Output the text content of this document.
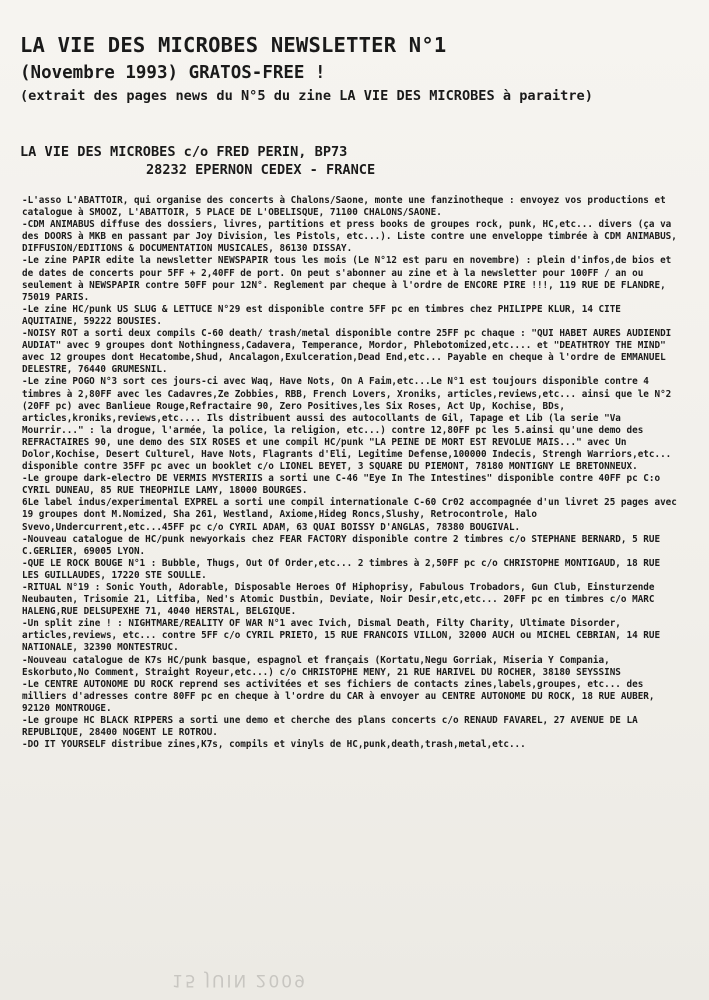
LA VIE DES MICROBES NEWSLETTER N°1
(Novembre 1993) GRATOS-FREE !
(extrait des pages news du N°5 du zine LA VIE DES MICROBES à paraitre)
LA VIE DES MICROBES c/o FRED PERIN, BP73
28232 EPERNON CEDEX - FRANCE

-L'asso L'ABATTOIR, qui organise des concerts à Chalons/Saone, monte une fanzinotheque : envoyez vos productions et catalogue à SMOOZ, L'ABATTOIR, 5 PLACE DE L'OBELISQUE, 71100 CHALONS/SAONE.

-CDM ANIMABUS diffuse des dossiers, livres, partitions et press books de groupes rock, punk, HC,etc... divers (ça va des DOORS à MKB en passant par Joy Division, les Pistols, etc...). Liste contre une enveloppe timbrée à CDM ANIMABUS, DIFFUSION/EDITIONS & DOCUMENTATION MUSICALES, 86130 DISSAY.

-Le zine PAPIR edite la newsletter NEWSPAPIR tous les mois (Le N°12 est paru en novembre) : plein d'infos,de bios et de dates de concerts pour 5FF + 2,40FF de port. On peut s'abonner au zine et à la newsletter pour 100FF / an ou seulement à NEWSPAPIR contre 50FF pour 12N°. Reglement par cheque à l'ordre de ENCORE PIRE !!!, 119 RUE DE FLANDRE, 75019 PARIS.

-Le zine HC/punk US SLUG & LETTUCE N°29 est disponible contre 5FF pc en timbres chez PHILIPPE KLUR, 14 CITE AQUITAINE, 59222 BOUSIES.

-NOISY ROT a sorti deux compils C-60 death/ trash/metal disponible contre 25FF pc chaque : "QUI HABET AURES AUDIENDI AUDIAT" avec 9 groupes dont Nothingness,Cadavera, Temperance, Mordor, Phlebotomized,etc.... et "DEATHTROY THE MIND" avec 12 groupes dont Hecatombe,Shud, Ancalagon,Exulceration,Dead End,etc... Payable en cheque à l'ordre de EMMANUEL DELESTRE, 76440 GRUMESNIL.

-Le zine POGO N°3 sort ces jours-ci avec Waq, Have Nots, On A Faim,etc...Le N°1 est toujours disponible contre 4 timbres à 2,80FF avec les Cadavres,Ze Zobbies, RBB, French Lovers, Xroniks, articles,reviews,etc... ainsi que le N°2 (20FF pc) avec Banlieue Rouge,Refractaire 90, Zero Positives,les Six Roses, Act Up, Kochise, BDs, articles,kroniks,reviews,etc.... Ils distribuent aussi des autocollants de Gil, Tapage et Lib (la serie "Va Mourrir..." : la drogue, l'armée, la police, la religion, etc...) contre 12,80FF pc les 5.ainsi qu'une demo des REFRACTAIRES 90, une demo des SIX ROSES et une compil HC/punk "LA PEINE DE MORT EST REVOLUE MAIS..." avec Un Dolor,Kochise, Desert Culturel, Have Nots, Flagrants d'Eli, Legitime Defense,100000 Indecis, Strengh Warriors,etc... disponible contre 35FF pc avec un booklet c/o LIONEL BEYET, 3 SQUARE DU PIEMONT, 78180 MONTIGNY LE BRETONNEUX.

-Le groupe dark-electro DE VERMIS MYSTERIIS a sorti une C-46 "Eye In The Intestines" disponible contre 40FF pc C:o CYRIL DUNEAU, 85 RUE THEOPHILE LAMY, 18000 BOURGES.

6Le label indus/experimental EXPREL a sorti une compil internationale C-60 Cr02 accompagnée d'un livret 25 pages avec 19 groupes dont M.Nomized, Sha 261, Westland, Axiome,Hideg Roncs,Slushy, Retrocontrole, Halo Svevo,Undercurrent,etc...45FF pc c/o CYRIL ADAM, 63 QUAI BOISSY D'ANGLAS, 78380 BOUGIVAL.

-Nouveau catalogue de HC/punk newyorkais chez FEAR FACTORY disponible contre 2 timbres c/o STEPHANE BERNARD, 5 RUE C.GERLIER, 69005 LYON.

-QUE LE ROCK BOUGE N°1 : Bubble, Thugs, Out Of Order,etc... 2 timbres à 2,50FF pc c/o CHRISTOPHE MONTIGAUD, 18 RUE LES GUILLAUDES, 17220 STE SOULLE.

-RITUAL N°19 : Sonic Youth, Adorable, Disposable Heroes Of Hiphoprisy, Fabulous Trobadors, Gun Club, Einsturzende Neubauten, Trisomie 21, Litfiba, Ned's Atomic Dustbin, Deviate, Noir Desir,etc,etc... 20FF pc en timbres c/o MARC HALENG,RUE DELSUPEXHE 71, 4040 HERSTAL, BELGIQUE.

-Un split zine ! : NIGHTMARE/REALITY OF WAR N°1 avec Ivich, Dismal Death, Filty Charity, Ultimate Disorder, articles,reviews, etc... contre 5FF c/o CYRIL PRIETO, 15 RUE FRANCOIS VILLON, 32000 AUCH ou MICHEL CEBRIAN, 14 RUE NATIONALE, 32390 MONTESTRUC.

-Nouveau catalogue de K7s HC/punk basque, espagnol et français (Kortatu,Negu Gorriak, Miseria Y Compania, Eskorbuto,No Comment, Straight Royeur,etc...) c/o CHRISTOPHE MENY, 21 RUE HARIVEL DU ROCHER, 38180 SEYSSINS

-Le CENTRE AUTONOME DU ROCK reprend ses activitées et ses fichiers de contacts zines,labels,groupes, etc... des milliers d'adresses contre 80FF pc en cheque à l'ordre du CAR à envoyer au CENTRE AUTONOME DU ROCK, 18 RUE AUBER, 92120 MONTROUGE.

-Le groupe HC BLACK RIPPERS a sorti une demo et cherche des plans concerts c/o RENAUD FAVAREL, 27 AVENUE DE LA REPUBLIQUE, 28400 NOGENT LE ROTROU.

-DO IT YOURSELF distribue zines,K7s, compils et vinyls de HC,punk,death,trash,metal,etc...

15 JUIN 2009
